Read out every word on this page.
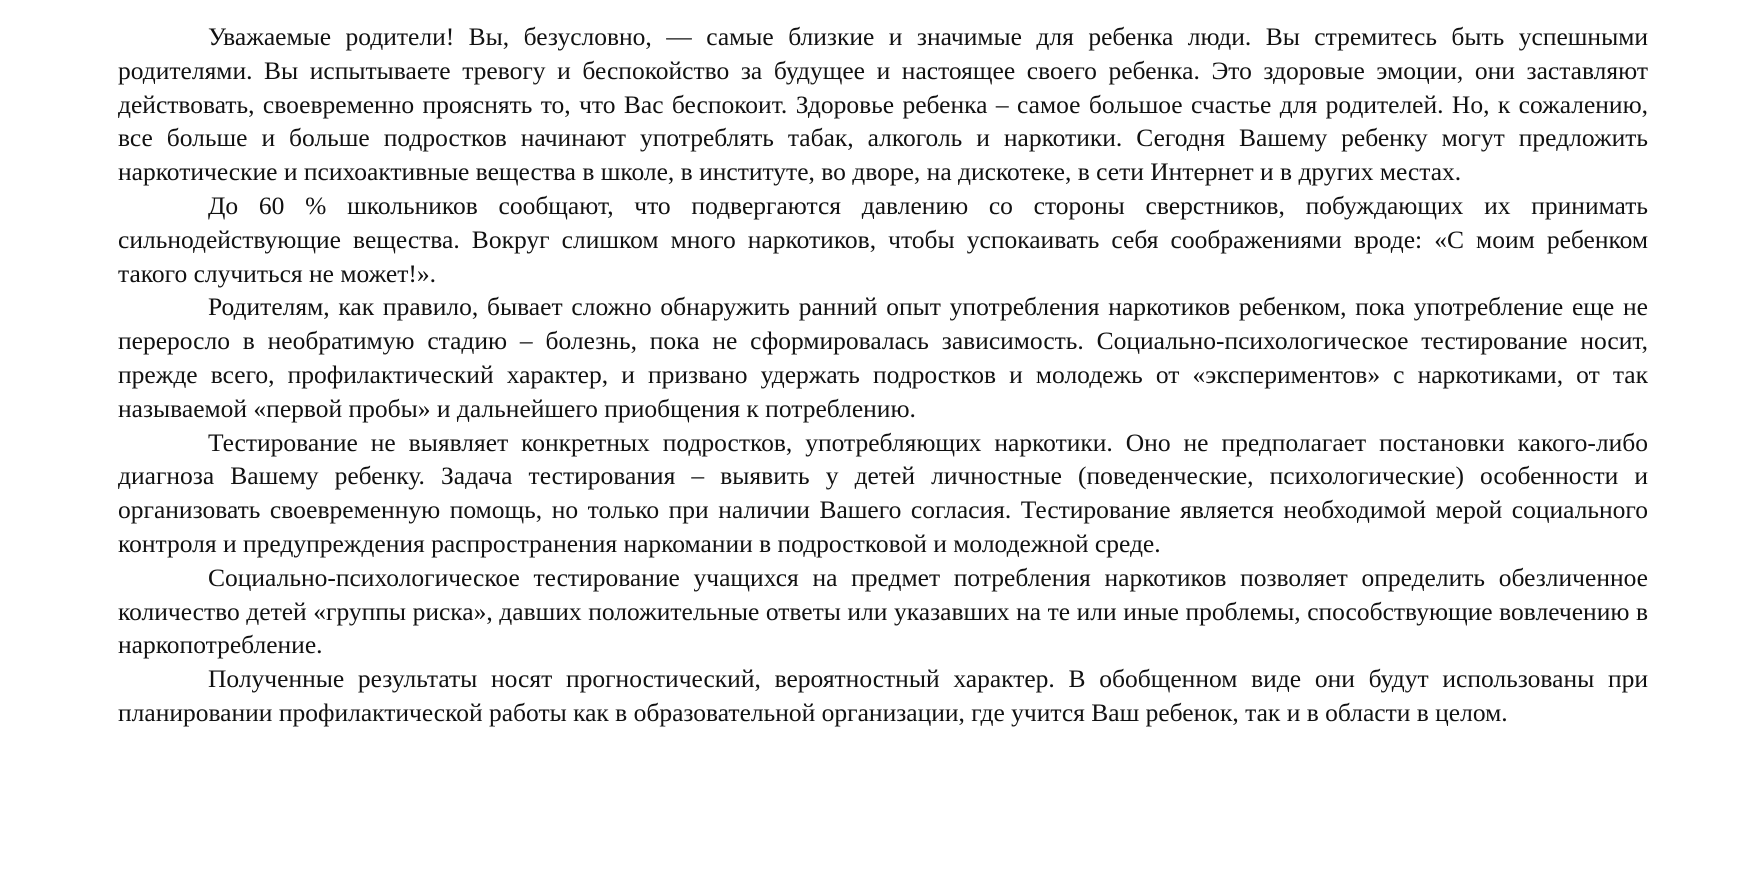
Уважаемые родители! Вы, безусловно, — самые близкие и значимые для ребенка люди. Вы стремитесь быть успешными родителями. Вы испытываете тревогу и беспокойство за будущее и настоящее своего ребенка. Это здоровые эмоции, они заставляют действовать, своевременно прояснять то, что Вас беспокоит. Здоровье ребенка – самое большое счастье для родителей. Но, к сожалению, все больше и больше подростков начинают употреблять табак, алкоголь и наркотики. Сегодня Вашему ребенку могут предложить наркотические и психоактивные вещества в школе, в институте, во дворе, на дискотеке, в сети Интернет и в других местах.

До 60 % школьников сообщают, что подвергаются давлению со стороны сверстников, побуждающих их принимать сильнодействующие вещества. Вокруг слишком много наркотиков, чтобы успокаивать себя соображениями вроде: «С моим ребенком такого случиться не может!».

Родителям, как правило, бывает сложно обнаружить ранний опыт употребления наркотиков ребенком, пока употребление еще не переросло в необратимую стадию – болезнь, пока не сформировалась зависимость. Социально-психологическое тестирование носит, прежде всего, профилактический характер, и призвано удержать подростков и молодежь от «экспериментов» с наркотиками, от так называемой «первой пробы» и дальнейшего приобщения к потреблению.

Тестирование не выявляет конкретных подростков, употребляющих наркотики. Оно не предполагает постановки какого-либо диагноза Вашему ребенку. Задача тестирования – выявить у детей личностные (поведенческие, психологические) особенности и организовать своевременную помощь, но только при наличии Вашего согласия. Тестирование является необходимой мерой социального контроля и предупреждения распространения наркомании в подростковой и молодежной среде.

Социально-психологическое тестирование учащихся на предмет потребления наркотиков позволяет определить обезличенное количество детей «группы риска», давших положительные ответы или указавших на те или иные проблемы, способствующие вовлечению в наркопотребление.

Полученные результаты носят прогностический, вероятностный характер. В обобщенном виде они будут использованы при планировании профилактической работы как в образовательной организации, где учится Ваш ребенок, так и в области в целом.
